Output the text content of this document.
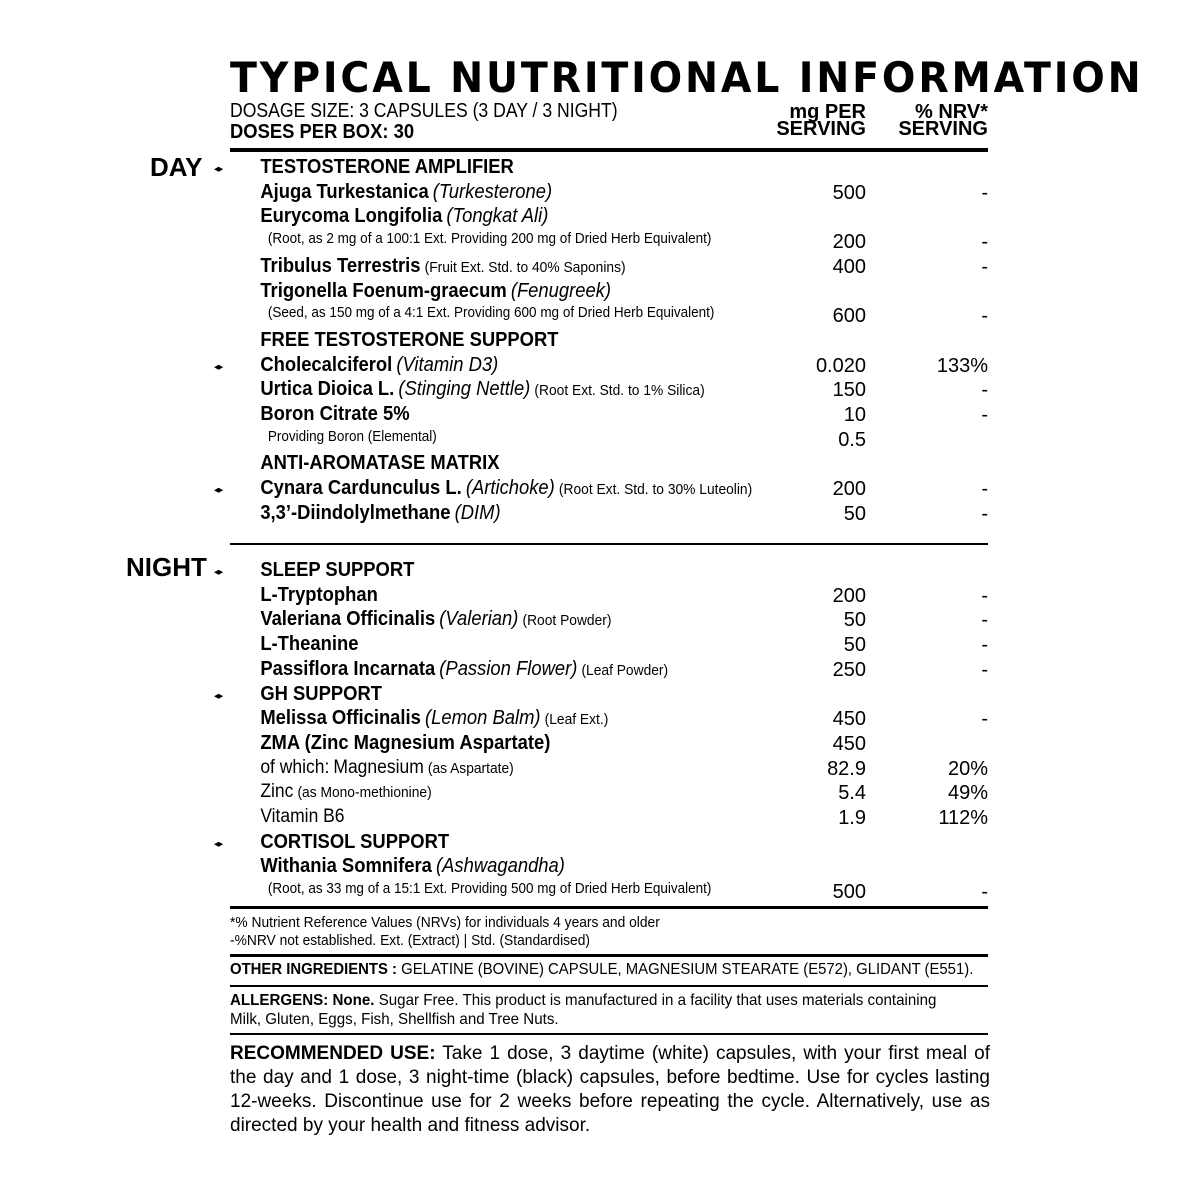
TYPICAL NUTRITIONAL INFORMATION
DOSAGE SIZE: 3 CAPSULES (3 DAY / 3 NIGHT)
DOSES PER BOX: 30
mg PER
SERVING
% NRV*
SERVING
DAY
NIGHT
TESTOSTERONE AMPLIFIER
◆
Ajuga Turkestanica (Turkesterone)	500	-
Eurycoma Longifolia (Tongkat Ali)
(Root, as 2 mg of a 100:1 Ext. Providing 200 mg of Dried Herb Equivalent)	200	-
Tribulus Terrestris (Fruit Ext. Std. to 40% Saponins)	400	-
Trigonella Foenum-graecum (Fenugreek)
(Seed, as 150 mg of a 4:1 Ext. Providing 600 mg of Dried Herb Equivalent)	600	-
FREE TESTOSTERONE SUPPORT
Cholecalciferol (Vitamin D3)	0.020	133%
◆
Urtica Dioica L. (Stinging Nettle) (Root Ext. Std. to 1% Silica)	150	-
Boron Citrate 5%	10	-
Providing Boron (Elemental)	0.5
ANTI-AROMATASE MATRIX
Cynara Cardunculus L. (Artichoke) (Root Ext. Std. to 30% Luteolin)	200	-
◆
3,3’-Diindolylmethane (DIM)	50	-
SLEEP SUPPORT
◆
L-Tryptophan	200	-
Valeriana Officinalis (Valerian) (Root Powder)	50	-
L-Theanine	50	-
Passiflora Incarnata (Passion Flower) (Leaf Powder)	250	-
GH SUPPORT
◆
Melissa Officinalis (Lemon Balm) (Leaf Ext.)	450	-
ZMA (Zinc Magnesium Aspartate)	450
of which: Magnesium (as Aspartate)	82.9	20%
Zinc (as Mono-methionine)	5.4	49%
Vitamin B6	1.9	112%
CORTISOL SUPPORT
◆
Withania Somnifera (Ashwagandha)
(Root, as 33 mg of a 15:1 Ext. Providing 500 mg of Dried Herb Equivalent)	500	-
*% Nutrient Reference Values (NRVs) for individuals 4 years and older
-%NRV not established. Ext. (Extract) | Std. (Standardised)
OTHER INGREDIENTS : GELATINE (BOVINE) CAPSULE, MAGNESIUM STEARATE (E572), GLIDANT (E551).
ALLERGENS: None. Sugar Free. This product is manufactured in a facility that uses materials containing
Milk, Gluten, Eggs, Fish, Shellfish and Tree Nuts.
RECOMMENDED USE: Take 1 dose, 3 daytime (white) capsules, with your first meal of the day and 1 dose, 3 night-time (black) capsules, before bedtime. Use for cycles lasting 12-weeks. Discontinue use for 2 weeks before repeating the cycle. Alternatively, use as directed by your health and fitness advisor.
